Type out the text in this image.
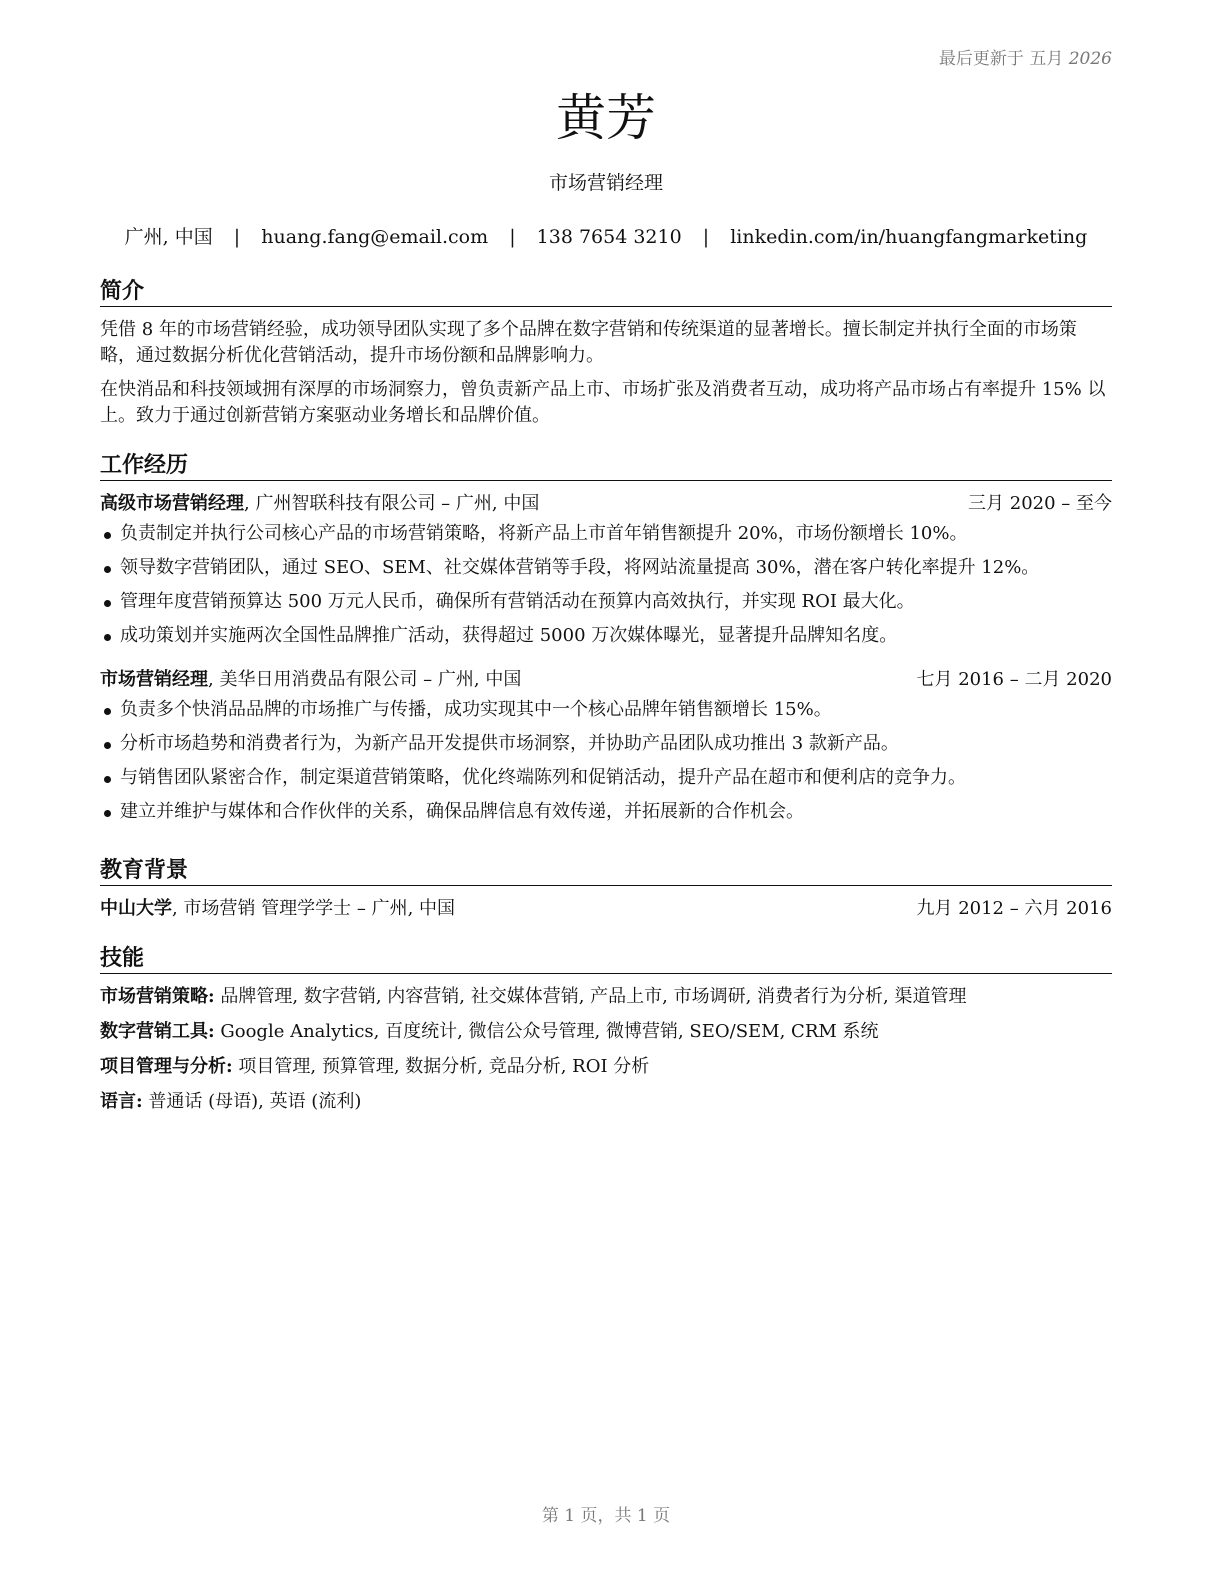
最后更新于 五月 2026
黄芳
市场营销经理
广州, 中国 | huang.fang@email.com | 138 7654 3210 | linkedin.com/in/huangfangmarketing
简介

凭借 8 年的市场营销经验，成功领导团队实现了多个品牌在数字营销和传统渠道的显著增长。擅长制定并执行全面的市场策略，通过数据分析优化营销活动，提升市场份额和品牌影响力。

在快消品和科技领域拥有深厚的市场洞察力，曾负责新产品上市、市场扩张及消费者互动，成功将产品市场占有率提升 15% 以上。致力于通过创新营销方案驱动业务增长和品牌价值。

工作经历
高级市场营销经理, 广州智联科技有限公司 – 广州, 中国	三月 2020 – 至今
负责制定并执行公司核心产品的市场营销策略，将新产品上市首年销售额提升 20%，市场份额增长 10%。
领导数字营销团队，通过 SEO、SEM、社交媒体营销等手段，将网站流量提高 30%，潜在客户转化率提升 12%。
管理年度营销预算达 500 万元人民币，确保所有营销活动在预算内高效执行，并实现 ROI 最大化。
成功策划并实施两次全国性品牌推广活动，获得超过 5000 万次媒体曝光，显著提升品牌知名度。
市场营销经理, 美华日用消费品有限公司 – 广州, 中国	七月 2016 – 二月 2020
负责多个快消品品牌的市场推广与传播，成功实现其中一个核心品牌年销售额增长 15%。
分析市场趋势和消费者行为，为新产品开发提供市场洞察，并协助产品团队成功推出 3 款新产品。
与销售团队紧密合作，制定渠道营销策略，优化终端陈列和促销活动，提升产品在超市和便利店的竞争力。
建立并维护与媒体和合作伙伴的关系，确保品牌信息有效传递，并拓展新的合作机会。
教育背景
中山大学, 市场营销 管理学学士 – 广州, 中国	九月 2012 – 六月 2016
技能
市场营销策略: 品牌管理, 数字营销, 内容营销, 社交媒体营销, 产品上市, 市场调研, 消费者行为分析, 渠道管理
数字营销工具: Google Analytics, 百度统计, 微信公众号管理, 微博营销, SEO/SEM, CRM 系统
项目管理与分析: 项目管理, 预算管理, 数据分析, 竞品分析, ROI 分析
语言: 普通话 (母语), 英语 (流利)
第 1 页，共 1 页
